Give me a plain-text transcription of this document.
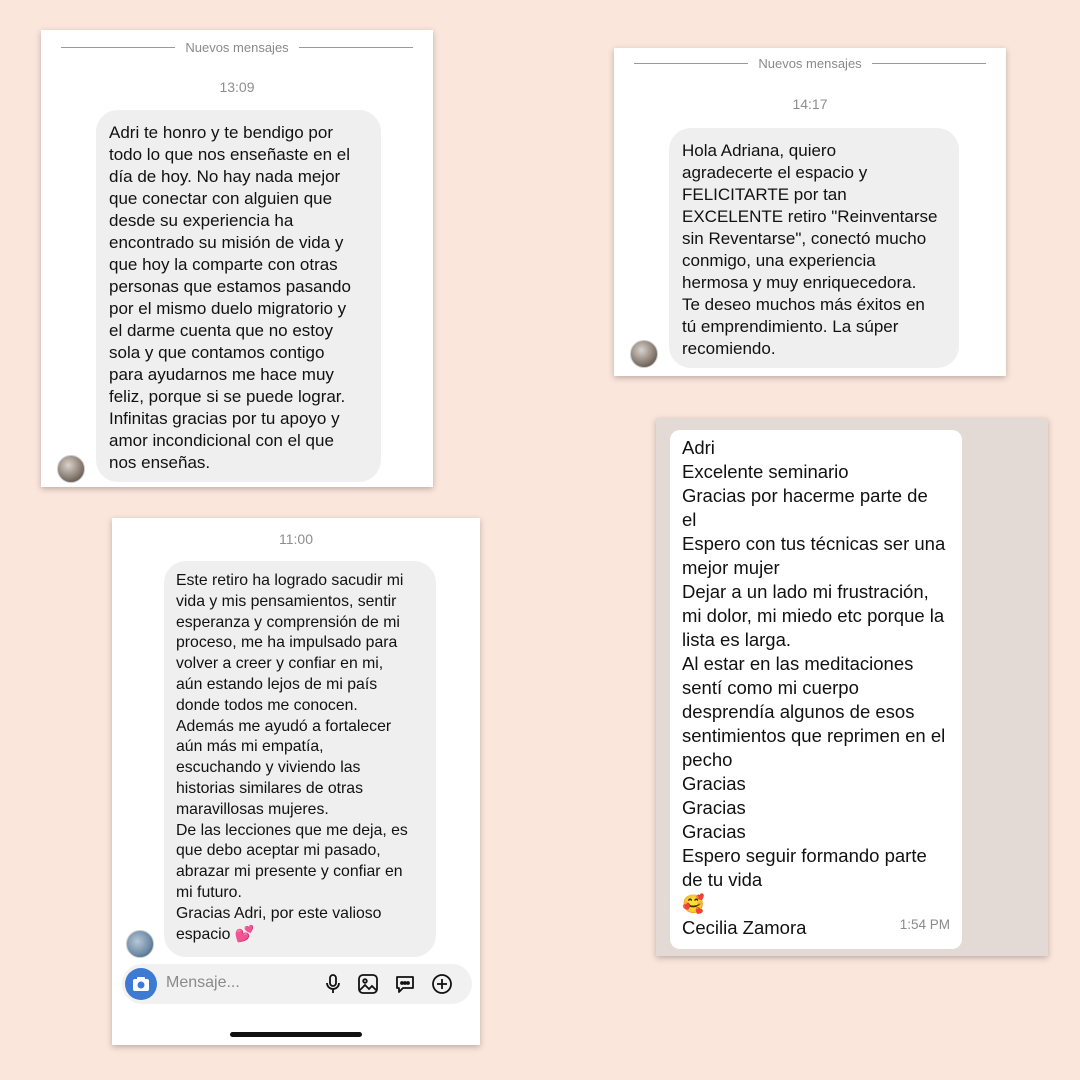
Nuevos mensajes
13:09
Adri te honro y te bendigo por
todo lo que nos enseñaste en el
día de hoy. No hay nada mejor
que conectar con alguien que
desde su experiencia ha
encontrado su misión de vida y
que hoy la comparte con otras
personas que estamos pasando
por el mismo duelo migratorio y
el darme cuenta que no estoy
sola y que contamos contigo
para ayudarnos me hace muy
feliz, porque si se puede lograr.
Infinitas gracias por tu apoyo y
amor incondicional con el que
nos enseñas.
Nuevos mensajes
14:17
Hola Adriana, quiero
agradecerte el espacio y
FELICITARTE por tan
EXCELENTE retiro "Reinventarse
sin Reventarse", conectó mucho
conmigo, una experiencia
hermosa y muy enriquecedora.
Te deseo muchos más éxitos en
tú emprendimiento. La súper
recomiendo.
11:00
Este retiro ha logrado sacudir mi
vida y mis pensamientos, sentir
esperanza y comprensión de mi
proceso, me ha impulsado para
volver a creer y confiar en mi,
aún estando lejos de mi país
donde todos me conocen.
Además me ayudó a fortalecer
aún más mi empatía,
escuchando y viviendo las
historias similares de otras
maravillosas mujeres.
De las lecciones que me deja, es
que debo aceptar mi pasado,
abrazar mi presente y confiar en
mi futuro.
Gracias Adri, por este valioso
espacio 💕
Mensaje...
Adri
Excelente seminario
Gracias por hacerme parte de
el
Espero con tus técnicas ser una
mejor mujer
Dejar a un lado mi frustración,
mi dolor, mi miedo etc porque la
lista es larga.
Al estar en las meditaciones
sentí como mi cuerpo
desprendía algunos de esos
sentimientos que reprimen en el
pecho
Gracias
Gracias
Gracias
Espero seguir formando parte
de tu vida
🥰
Cecilia Zamora	1:54 PM
